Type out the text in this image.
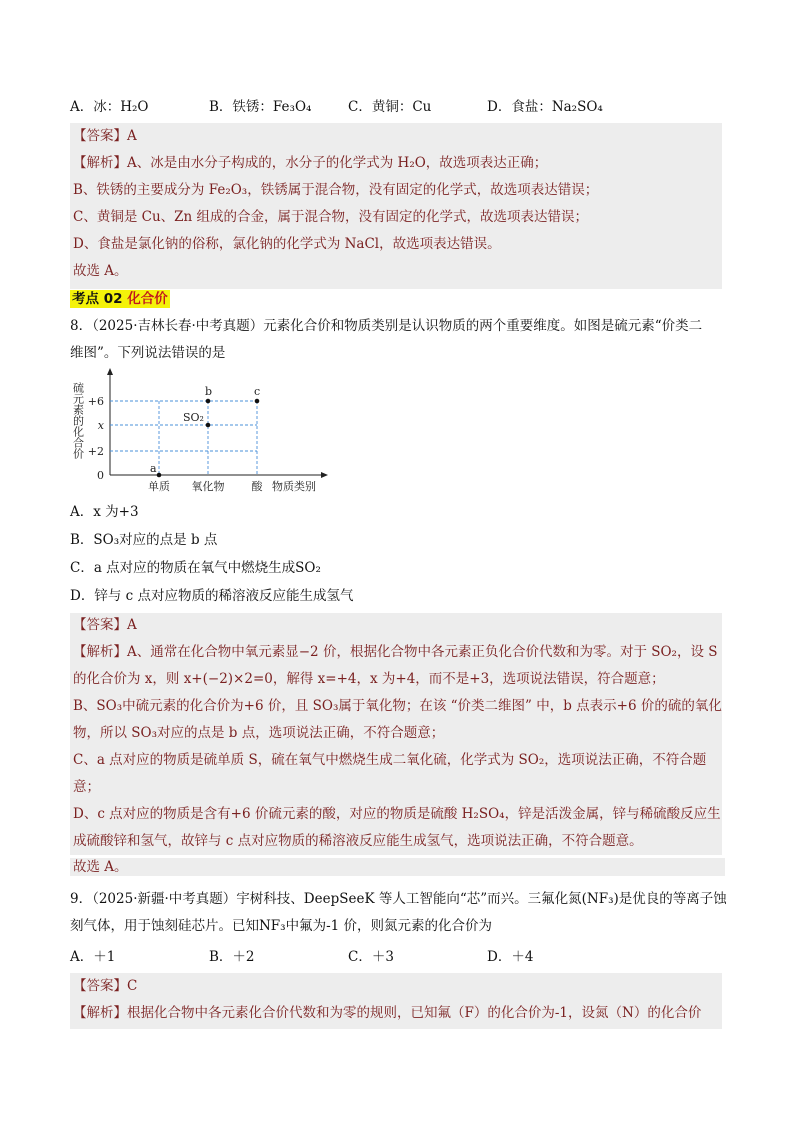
A．冰：H₂O	B．铁锈：Fe₃O₄	C．黄铜：Cu	D．食盐：Na₂SO₄
【答案】A
【解析】A、冰是由水分子构成的，水分子的化学式为 H₂O，故选项表达正确；
B、铁锈的主要成分为 Fe₂O₃，铁锈属于混合物，没有固定的化学式，故选项表达错误；
C、黄铜是 Cu、Zn 组成的合金，属于混合物，没有固定的化学式，故选项表达错误；
D、食盐是氯化钠的俗称，氯化钠的化学式为 NaCl，故选项表达错误。
故选 A。
考点 02 化合价
8．（2025·吉林长春·中考真题）元素化合价和物质类别是认识物质的两个重要维度。如图是硫元素“价类二
维图”。下列说法错误的是
硫元素的化合价
0
+2
x
+6
单质 氧化物 酸
a
SO₂
b	c
物质类别
A．x 为+3
B．SO₃对应的点是 b 点
C．a 点对应的物质在氧气中燃烧生成SO₂
D．锌与 c 点对应物质的稀溶液反应能生成氢气
【答案】A
【解析】A、通常在化合物中氧元素显−2 价，根据化合物中各元素正负化合价代数和为零。对于 SO₂，设 S
的化合价为 x，则 x+(−2)×2=0，解得 x=+4，x 为+4，而不是+3，选项说法错误，符合题意；
B、SO₃中硫元素的化合价为+6 价，且 SO₃属于氧化物；在该 “价类二维图” 中，b 点表示+6 价的硫的氧化
物，所以 SO₃对应的点是 b 点，选项说法正确，不符合题意；
C、a 点对应的物质是硫单质 S，硫在氧气中燃烧生成二氧化硫，化学式为 SO₂，选项说法正确，不符合题
意；
D、c 点对应的物质是含有+6 价硫元素的酸，对应的物质是硫酸 H₂SO₄，锌是活泼金属，锌与稀硫酸反应生
成硫酸锌和氢气，故锌与 c 点对应物质的稀溶液反应能生成氢气，选项说法正确，不符合题意。
故选 A。
9．（2025·新疆·中考真题）宇树科技、DeepSeeK 等人工智能向“芯”而兴。三氟化氮(NF₃)是优良的等离子蚀
刻气体，用于蚀刻硅芯片。已知NF₃中氟为-1 价，则氮元素的化合价为
A．＋1	B．＋2	C．＋3	D．＋4
【答案】C
【解析】根据化合物中各元素化合价代数和为零的规则，已知氟（F）的化合价为-1，设氮（N）的化合价
